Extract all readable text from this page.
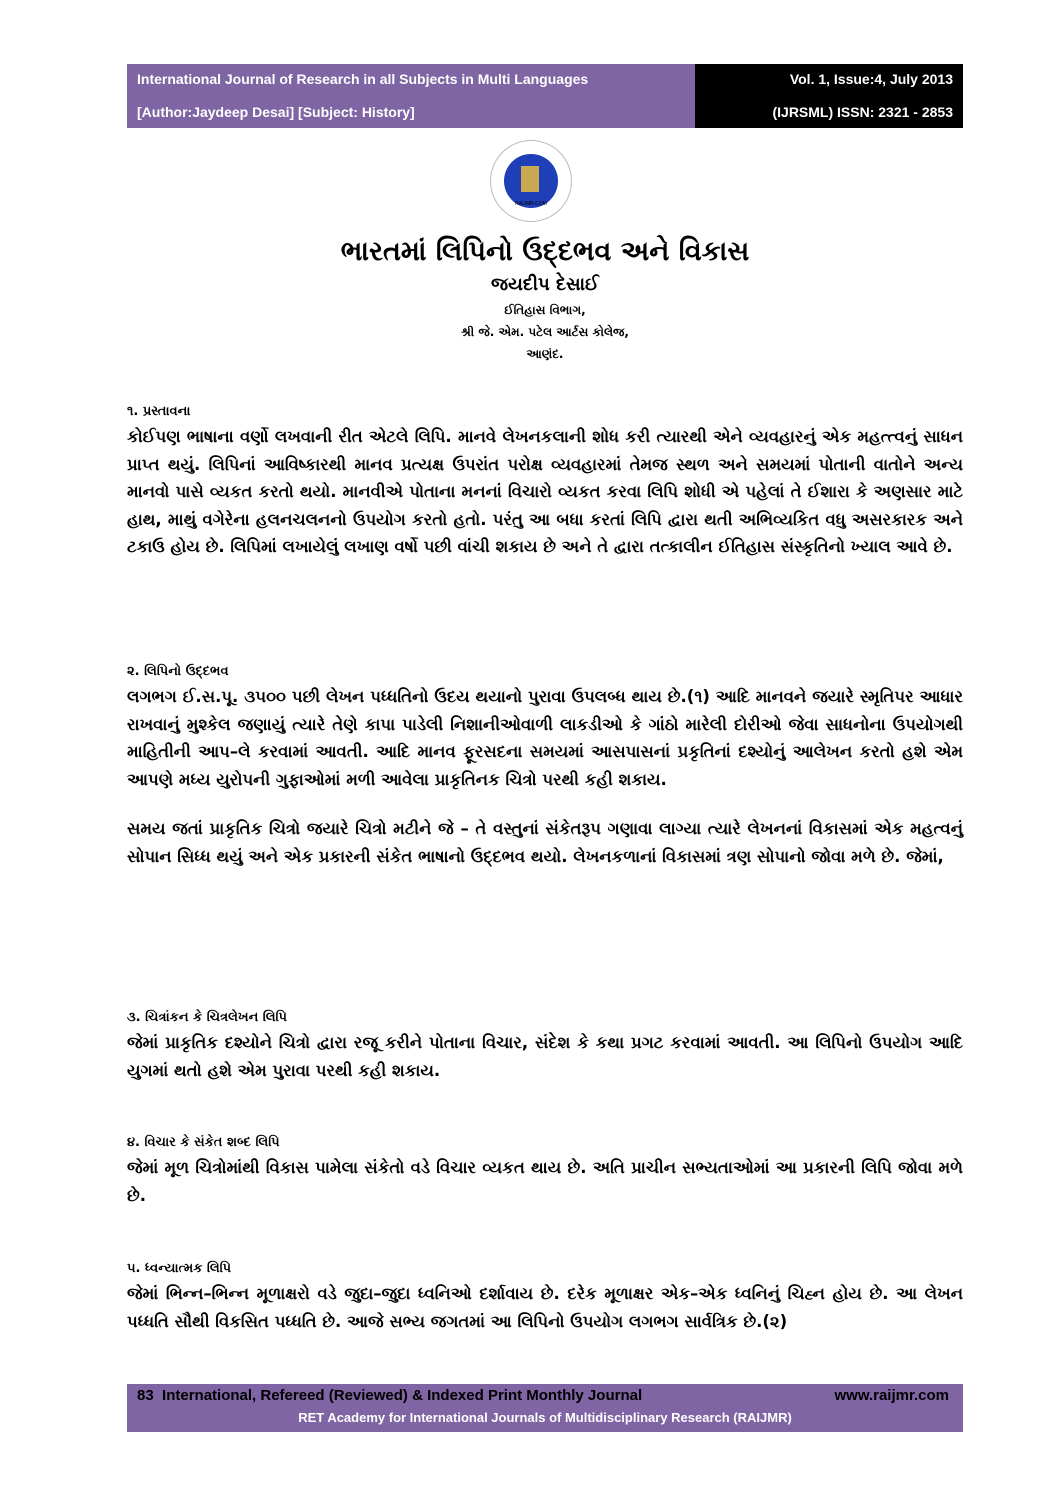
International Journal of Research in all Subjects in Multi Languages
[Author:Jaydeep Desai] [Subject: History]
Vol. 1, Issue:4, July 2013
(IJRSML) ISSN: 2321 - 2853
RAIJMR.COM
ભારતમાં લિપિનો ઉદ્દભવ અને વિકાસ
જયદીપ દેસાઈ
ઈતિહાસ વિભાગ,
શ્રી જે. એમ. પટેલ આર્ટસ કોલેજ,
આણંદ.
૧. પ્રસ્તાવના

કોઈપણ ભાષાના વર્ણો લખવાની રીત એટલે લિપિ. માનવે લેખનકલાની શોધ કરી ત્યારથી એને વ્યવહારનું એક મહત્ત્વનું સાધન પ્રાપ્ત થયું. લિપિનાં આવિષ્કારથી માનવ પ્રત્યક્ષ ઉપરાંત પરોક્ષ વ્યવહારમાં તેમજ સ્થળ અને સમયમાં પોતાની વાતોને અન્ય માનવો પાસે વ્યકત કરતો થયો. માનવીએ પોતાના મનનાં વિચારો વ્યકત કરવા લિપિ શોધી એ પહેલાં તે ઈશારા કે અણસાર માટે હાથ, માથું વગેરેના હલનચલનનો ઉપયોગ કરતો હતો. પરંતુ આ બધા કરતાં લિપિ દ્વારા થતી અભિવ્યકિત વધુ અસરકારક અને ટકાઉ હોય છે. લિપિમાં લખાયેલું લખાણ વર્ષો પછી વાંચી શકાય છે અને તે દ્વારા તત્કાલીન ઈતિહાસ સંસ્કૃતિનો ખ્યાલ આવે છે.

૨. લિપિનો ઉદ્દભવ

લગભગ ઈ.સ.પૂ. ૩૫૦૦ પછી લેખન પધ્ધતિનો ઉદય થયાનો પુરાવા ઉપલબ્ધ થાય છે.(૧) આદિ માનવને જયારે સ્મૃતિપર આધાર રાખવાનું મુશ્કેલ જણાયું ત્યારે તેણે કાપા પાડેલી નિશાનીઓવાળી લાકડીઓ કે ગાંઠો મારેલી દોરીઓ જેવા સાધનોના ઉપયોગથી માહિતીની આપ–લે કરવામાં આવતી. આદિ માનવ ફૂરસદના સમયમાં આસપાસનાં પ્રકૃતિનાં દશ્યોનું આલેખન કરતો હશે એમ આપણે મધ્ય યુરોપની ગુફાઓમાં મળી આવેલા પ્રાકૃતિનક ચિત્રો પરથી કહી શકાય.

સમય જતાં પ્રાકૃતિક ચિત્રો જયારે ચિત્રો મટીને જે – તે વસ્તુનાં સંકેતરૂપ ગણાવા લાગ્યા ત્યારે લેખનનાં વિકાસમાં એક મહત્વનું સોપાન સિધ્ધ થયું અને એક પ્રકારની સંકેત ભાષાનો ઉદ્દભવ થયો. લેખનકળાનાં વિકાસમાં ત્રણ સોપાનો જોવા મળે છે. જેમાં,

૩. ચિત્રાંકન કે ચિત્રલેખન લિપિ

જેમાં પ્રાકૃતિક દશ્યોને ચિત્રો દ્વારા રજૂ કરીને પોતાના વિચાર, સંદેશ કે કથા પ્રગટ કરવામાં આવતી. આ લિપિનો ઉપયોગ આદિ યુગમાં થતો હશે એમ પુરાવા પરથી કહી શકાય.

૪. વિચાર કે સંકેત શબ્દ લિપિ

જેમાં મૂળ ચિત્રોમાંથી વિકાસ પામેલા સંકેતો વડે વિચાર વ્યકત થાય છે. અતિ પ્રાચીન સભ્યતાઓમાં આ પ્રકારની લિપિ જોવા મળે છે.

૫. ધ્વન્યાત્મક લિપિ

જેમાં ભિન્ન–ભિન્ન મૂળાક્ષરો વડે જુદા–જુદા ધ્વનિઓ દર્શાવાય છે. દરેક મૂળાક્ષર એક–એક ધ્વનિનું ચિહ્ન હોય છે. આ લેખન પધ્ધતિ સૌથી વિકસિત પધ્ધતિ છે. આજે સભ્ય જગતમાં આ લિપિનો ઉપયોગ લગભગ સાર્વત્રિક છે.(૨)

83 International, Refereed (Reviewed) & Indexed Print Monthly Journal	www.raijmr.com
RET Academy for International Journals of Multidisciplinary Research (RAIJMR)
